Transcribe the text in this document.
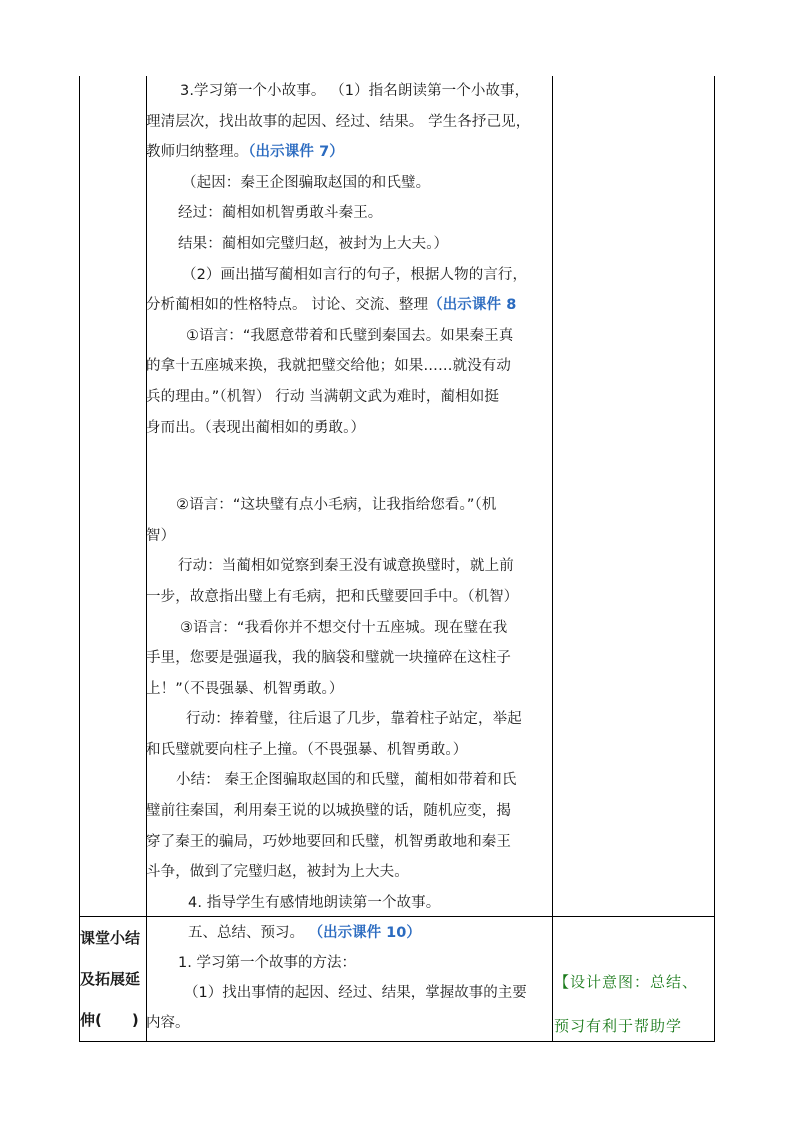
3.学习第一个小故事。 （1）指名朗读第一个小故事，
理清层次，找出故事的起因、经过、结果。 学生各抒己见，
教师归纳整理。（出示课件 7）
（起因：秦王企图骗取赵国的和氏璧。
经过：蔺相如机智勇敢斗秦王。
结果：蔺相如完璧归赵，被封为上大夫。）
（2）画出描写蔺相如言行的句子，根据人物的言行，
分析蔺相如的性格特点。 讨论、交流、整理（出示课件 8
①语言：“我愿意带着和氏璧到秦国去。如果秦王真
的拿十五座城来换，我就把璧交给他；如果……就没有动
兵的理由。”（机智） 行动 当满朝文武为难时，蔺相如挺
身而出。（表现出蔺相如的勇敢。）
②语言：“这块璧有点小毛病，让我指给您看。”（机
智）
行动：当蔺相如觉察到秦王没有诚意换璧时，就上前
一步，故意指出璧上有毛病，把和氏璧要回手中。（机智）
③语言：“我看你并不想交付十五座城。现在璧在我
手里，您要是强逼我，我的脑袋和璧就一块撞碎在这柱子
上！”（不畏强暴、机智勇敢。）
行动：捧着璧，往后退了几步，靠着柱子站定，举起
和氏璧就要向柱子上撞。（不畏强暴、机智勇敢。）
小结： 秦王企图骗取赵国的和氏璧，蔺相如带着和氏
璧前往秦国，利用秦王说的以城换璧的话，随机应变，揭
穿了秦王的骗局，巧妙地要回和氏璧，机智勇敢地和秦王
斗争，做到了完璧归赵，被封为上大夫。
4. 指导学生有感情地朗读第一个故事。
五、总结、预习。 （出示课件 10）
1. 学习第一个故事的方法：
（1）找出事情的起因、经过、结果，掌握故事的主要
内容。
课堂小结
及拓展延
伸(　　)
【设计意图：总结、
预习有利于帮助学
